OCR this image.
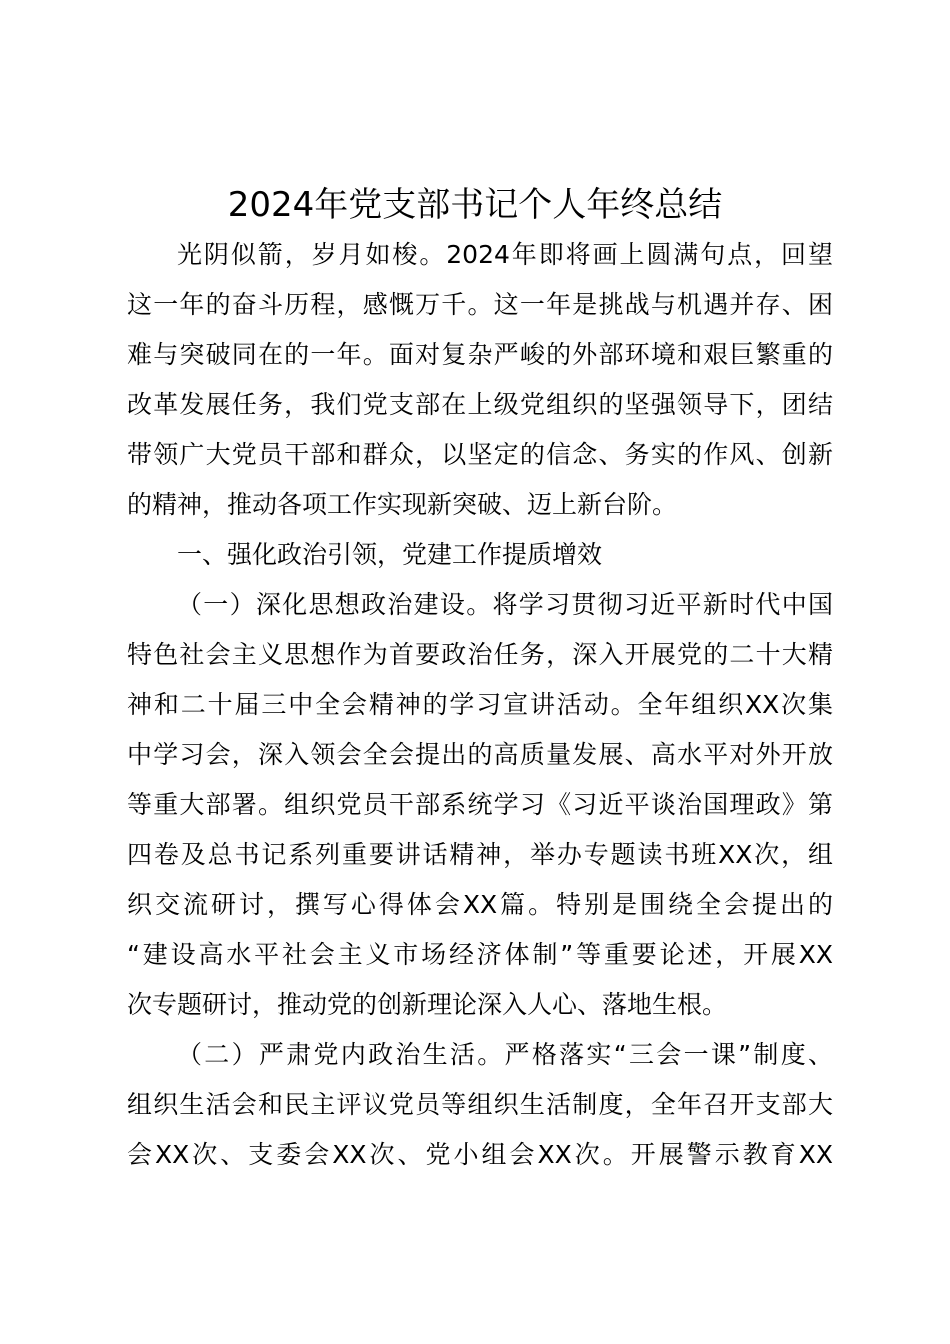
2024年党支部书记个人年终总结
光阴似箭，岁月如梭。2024年即将画上圆满句点，回望
这一年的奋斗历程，感慨万千。这一年是挑战与机遇并存、困
难与突破同在的一年。面对复杂严峻的外部环境和艰巨繁重的
改革发展任务，我们党支部在上级党组织的坚强领导下，团结
带领广大党员干部和群众，以坚定的信念、务实的作风、创新
的精神，推动各项工作实现新突破、迈上新台阶。
一、强化政治引领，党建工作提质增效
（一）深化思想政治建设。将学习贯彻习近平新时代中国
特色社会主义思想作为首要政治任务，深入开展党的二十大精
神和二十届三中全会精神的学习宣讲活动。全年组织XX次集
中学习会，深入领会全会提出的高质量发展、高水平对外开放
等重大部署。组织党员干部系统学习《习近平谈治国理政》第
四卷及总书记系列重要讲话精神，举办专题读书班XX次，组
织交流研讨，撰写心得体会XX篇。特别是围绕全会提出的
“建设高水平社会主义市场经济体制”等重要论述，开展XX
次专题研讨，推动党的创新理论深入人心、落地生根。
（二）严肃党内政治生活。严格落实“三会一课”制度、
组织生活会和民主评议党员等组织生活制度，全年召开支部大
会XX次、支委会XX次、党小组会XX次。开展警示教育XX
